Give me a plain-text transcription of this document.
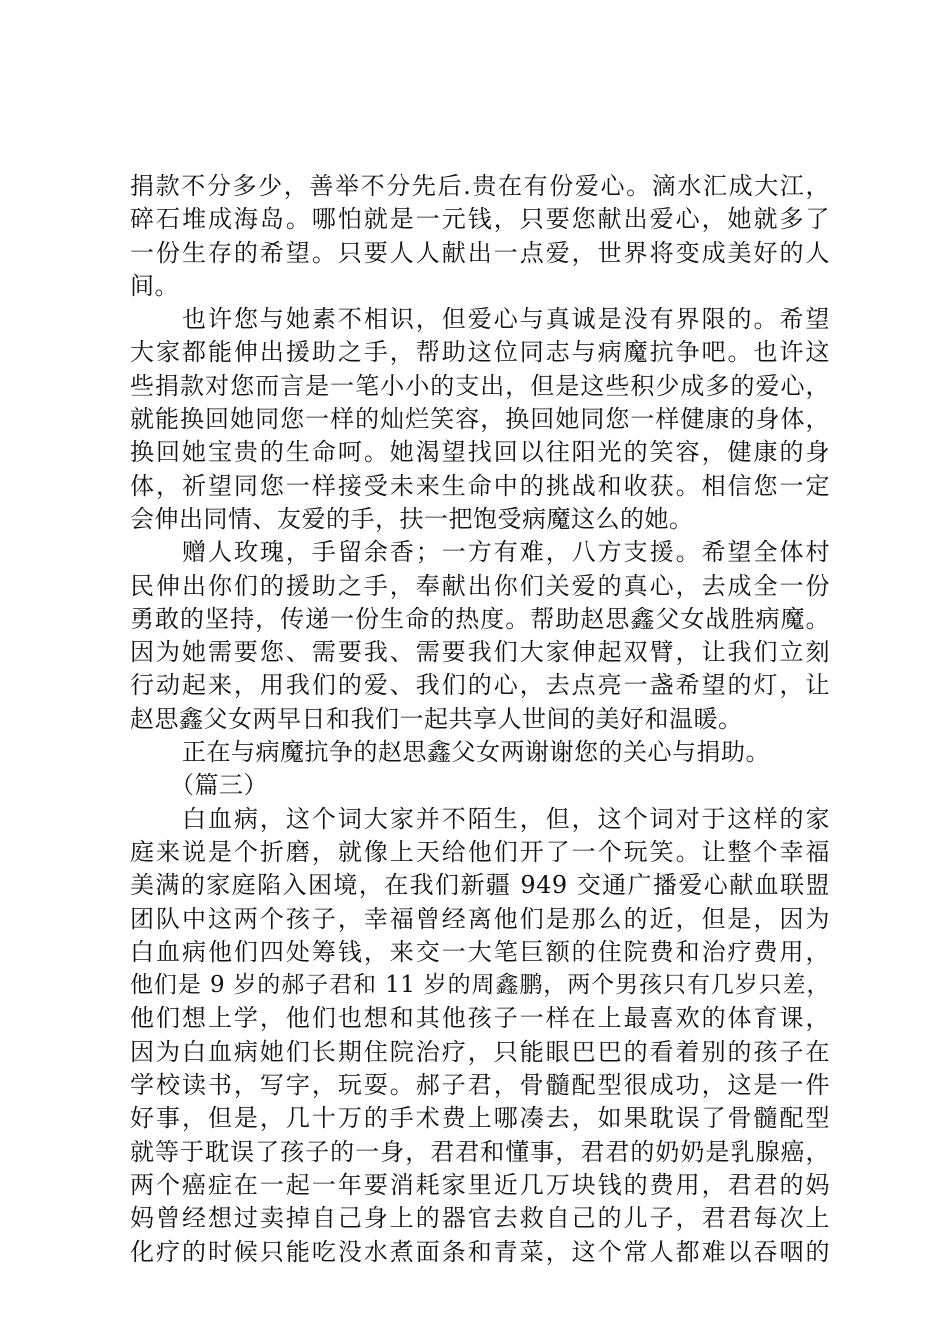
捐款不分多少，善举不分先后.贵在有份爱心。滴水汇成大江，
碎石堆成海岛。哪怕就是一元钱，只要您献出爱心，她就多了
一份生存的希望。只要人人献出一点爱，世界将变成美好的人
间。
也许您与她素不相识，但爱心与真诚是没有界限的。希望
大家都能伸出援助之手，帮助这位同志与病魔抗争吧。也许这
些捐款对您而言是一笔小小的支出，但是这些积少成多的爱心，
就能换回她同您一样的灿烂笑容，换回她同您一样健康的身体，
换回她宝贵的生命呵。她渴望找回以往阳光的笑容，健康的身
体，祈望同您一样接受未来生命中的挑战和收获。相信您一定
会伸出同情、友爱的手，扶一把饱受病魔这么的她。
赠人玫瑰，手留余香；一方有难，八方支援。希望全体村
民伸出你们的援助之手，奉献出你们关爱的真心，去成全一份
勇敢的坚持，传递一份生命的热度。帮助赵思鑫父女战胜病魔。
因为她需要您、需要我、需要我们大家伸起双臂，让我们立刻
行动起来，用我们的爱、我们的心，去点亮一盏希望的灯，让
赵思鑫父女两早日和我们一起共享人世间的美好和温暖。
正在与病魔抗争的赵思鑫父女两谢谢您的关心与捐助。
（篇三）
白血病，这个词大家并不陌生，但，这个词对于这样的家
庭来说是个折磨，就像上天给他们开了一个玩笑。让整个幸福
美满的家庭陷入困境，在我们新疆 949 交通广播爱心献血联盟
团队中这两个孩子，幸福曾经离他们是那么的近，但是，因为
白血病他们四处筹钱，来交一大笔巨额的住院费和治疗费用，
他们是 9 岁的郝子君和 11 岁的周鑫鹏，两个男孩只有几岁只差，
他们想上学，他们也想和其他孩子一样在上最喜欢的体育课，
因为白血病她们长期住院治疗，只能眼巴巴的看着别的孩子在
学校读书，写字，玩耍。郝子君，骨髓配型很成功，这是一件
好事，但是，几十万的手术费上哪凑去，如果耽误了骨髓配型
就等于耽误了孩子的一身，君君和懂事，君君的奶奶是乳腺癌，
两个癌症在一起一年要消耗家里近几万块钱的费用，君君的妈
妈曾经想过卖掉自己身上的器官去救自己的儿子，君君每次上
化疗的时候只能吃没水煮面条和青菜，这个常人都难以吞咽的
